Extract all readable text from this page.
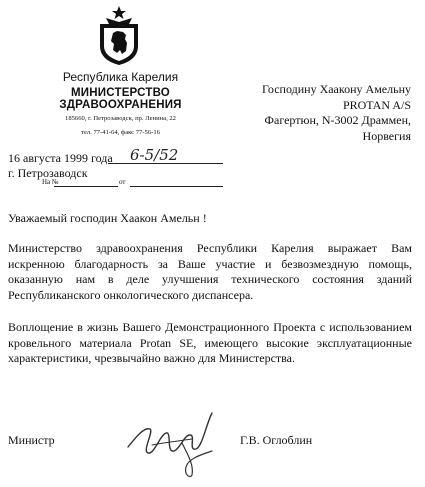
Республика Карелия
МИНИСТЕРСТВО ЗДРАВООХРАНЕНИЯ
185660, г. Петрозаводск, пр. Ленина, 22
тел. 77-41-64, факс 77-56-16
Господину Хаакону Амельну
PROTAN A/S
Фагертюн, N-3002 Драммен,
Норвегия
16 августа 1999 года 6-5/52
г. Петрозаводск
На №	от
Уважаемый господин Хаакон Амельн !
Министерство здравоохранения Республики Карелия выражает Вам искренною благодарность за Ваше участие и безвозмездную помощь, оказанную нам в деле улучшения технического состояния зданий Республиканского онкологического диспансера.
Воплощение в жизнь Вашего Демонстрационного Проекта с использованием кровельного материала Protan SE, имеющего высокие эксплуатационные характеристики, чрезвычайно важно для Министерства.
Министр	Г.В. Оглоблин
